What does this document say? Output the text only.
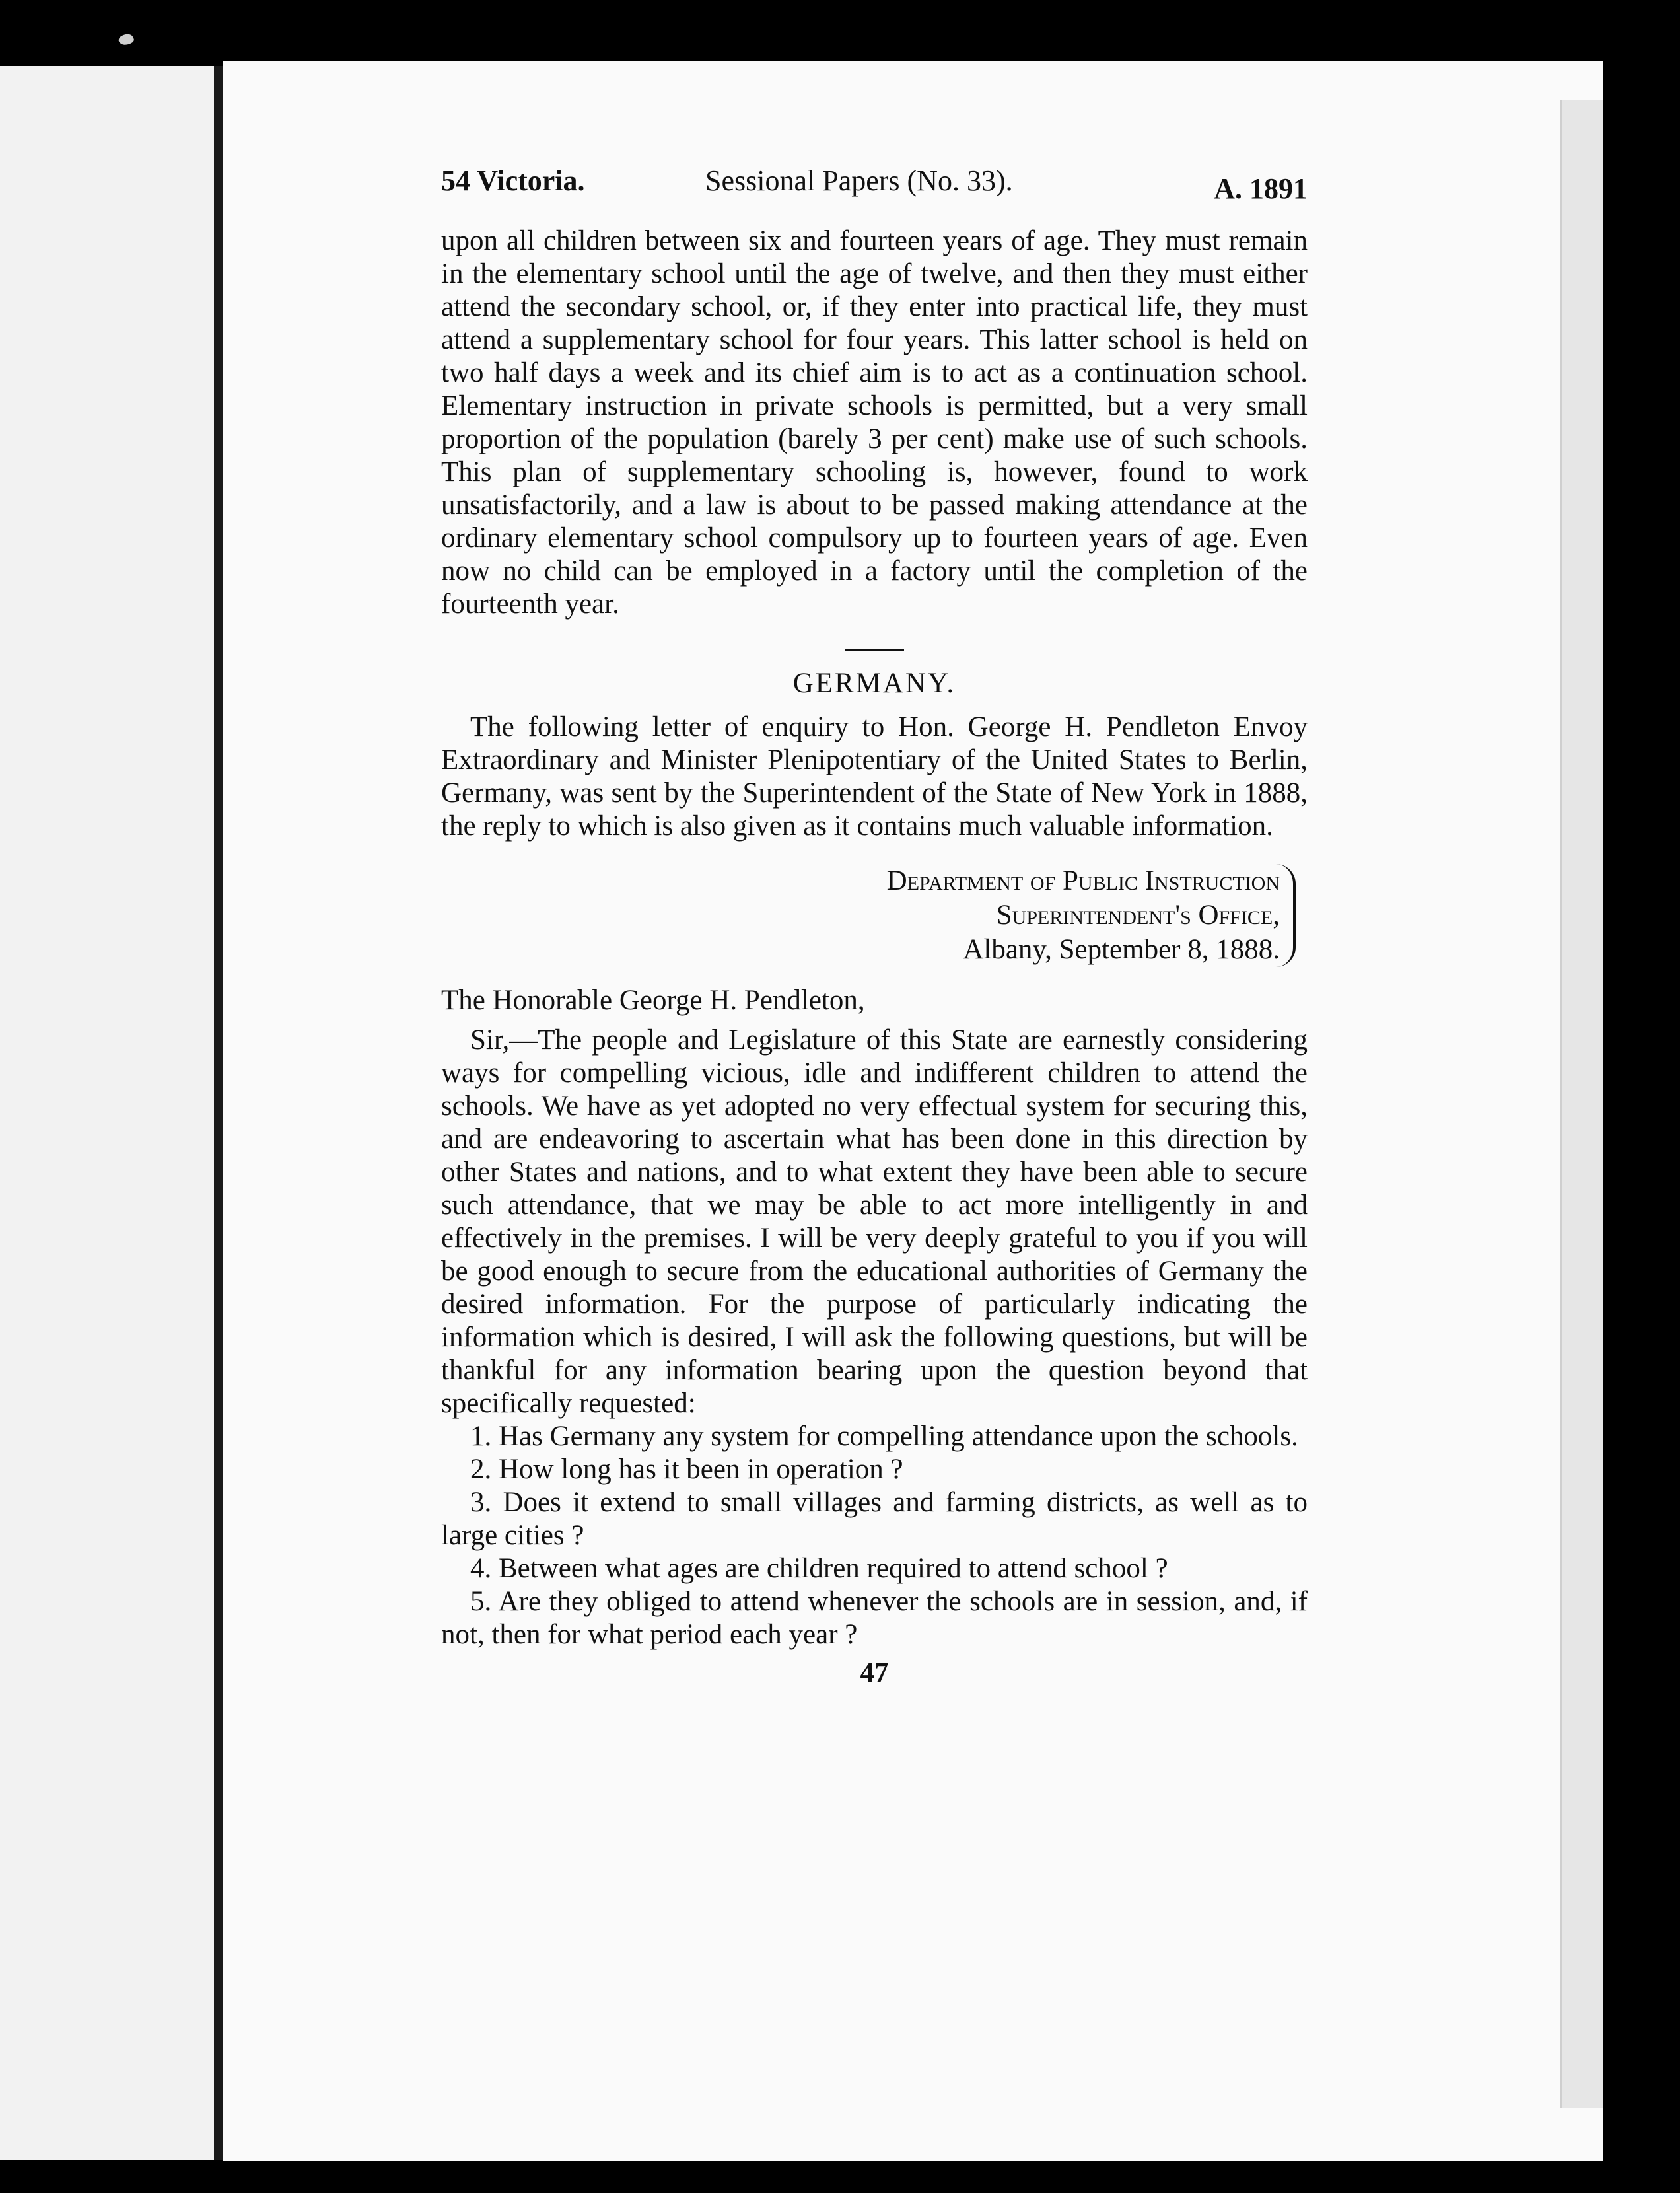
54 Victoria.	Sessional Papers (No. 33).	A. 1891

upon all children between six and fourteen years of age. They must remain in the elementary school until the age of twelve, and then they must either attend the secondary school, or, if they enter into practical life, they must attend a supplementary school for four years. This latter school is held on two half days a week and its chief aim is to act as a continuation school. Elementary instruction in private schools is permitted, but a very small proportion of the population (barely 3 per cent) make use of such schools. This plan of supplementary schooling is, however, found to work unsatisfactorily, and a law is about to be passed making attendance at the ordinary elementary school compulsory up to fourteen years of age. Even now no child can be employed in a factory until the completion of the fourteenth year.

GERMANY.

The following letter of enquiry to Hon. George H. Pendleton Envoy Extraordinary and Minister Plenipotentiary of the United States to Berlin, Germany, was sent by the Superintendent of the State of New York in 1888, the reply to which is also given as it contains much valuable information.

Department of Public Instruction
Superintendent's Office,
Albany, September 8, 1888.

The Honorable George H. Pendleton,

Sir,—The people and Legislature of this State are earnestly considering ways for compelling vicious, idle and indifferent children to attend the schools. We have as yet adopted no very effectual system for securing this, and are endeavoring to ascertain what has been done in this direction by other States and nations, and to what extent they have been able to secure such attendance, that we may be able to act more intelligently in and effectively in the premises. I will be very deeply grateful to you if you will be good enough to secure from the educational authorities of Germany the desired information. For the purpose of particularly indicating the information which is desired, I will ask the following questions, but will be thankful for any information bearing upon the question beyond that specifically requested:

1. Has Germany any system for compelling attendance upon the schools.

2. How long has it been in operation ?

3. Does it extend to small villages and farming districts, as well as to large cities ?

4. Between what ages are children required to attend school ?

5. Are they obliged to attend whenever the schools are in session, and, if not, then for what period each year ?

47
